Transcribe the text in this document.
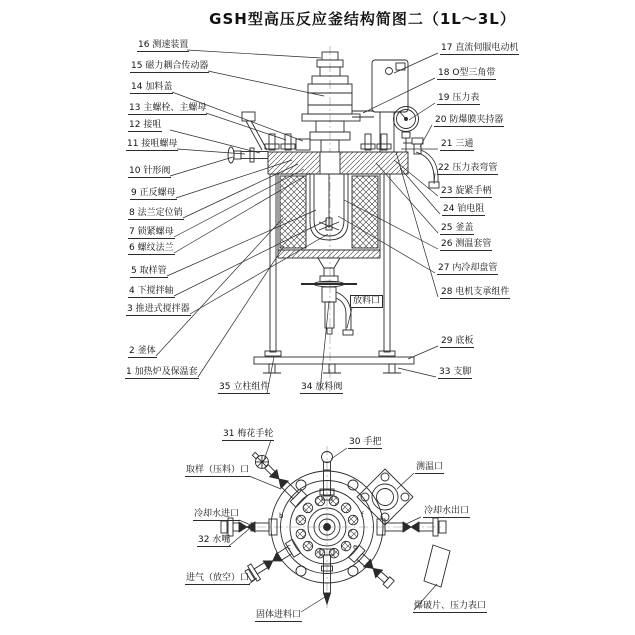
GSH型高压反应釜结构简图二（1L～3L）
16 测速装置
15 磁力耦合传动器
14 加料盖
13 主螺栓、主螺母
12 接咀
11 接咀螺母
10 针形阀
9 正反螺母
8 法兰定位销
7 锁紧螺母
6 螺纹法兰
5 取样管
4 下搅拌轴
3 推进式搅拌器
2 釜体
1 加热炉及保温套
17 直流伺服电动机
18 O型三角带
19 压力表
20 防爆膜夹持器
21 三通
22 压力表弯管
23 旋紧手柄
24 铂电阻
25 釜盖
26 测温套管
27 内冷却盘管
28 电机支承组件
29 底板
33 支脚
35 立柱组件	34 放料阀
放料口
31 梅花手轮
30 手把
取样（压料）口	测温口
冷却水进口	冷却水出口
32 水嘴
进气（放空）口
固体进料口
爆破片、压力表口
b
c	e
f
